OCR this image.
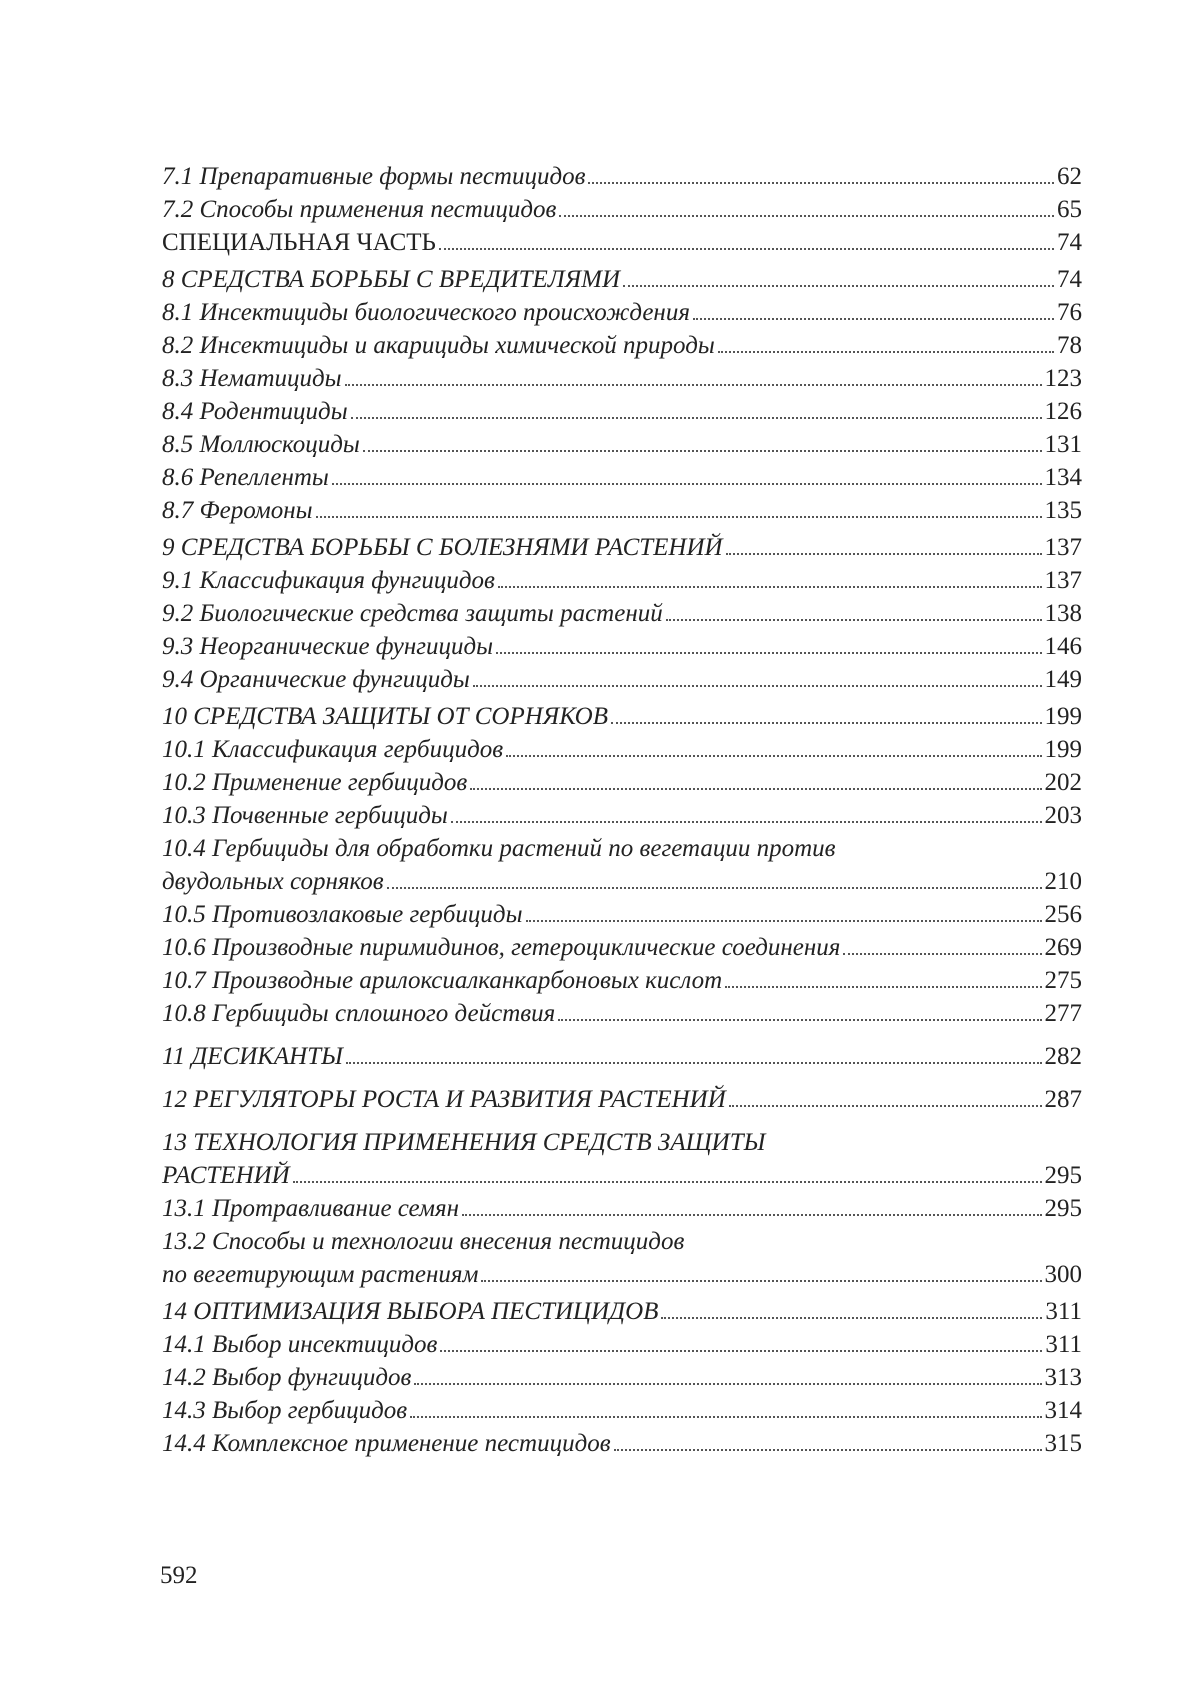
7.1 Препаративные формы пестицидов	62
7.2 Способы применения пестицидов	65
СПЕЦИАЛЬНАЯ ЧАСТЬ	74
8 СРЕДСТВА БОРЬБЫ С ВРЕДИТЕЛЯМИ	74
8.1 Инсектициды биологического происхождения	76
8.2 Инсектициды и акарициды химической природы	78
8.3 Нематициды	123
8.4 Родентициды	126
8.5 Моллюскоциды	131
8.6 Репелленты	134
8.7 Феромоны	135
9 СРЕДСТВА БОРЬБЫ С БОЛЕЗНЯМИ РАСТЕНИЙ	137
9.1 Классификация фунгицидов	137
9.2 Биологические средства защиты растений	138
9.3 Неорганические фунгициды	146
9.4 Органические фунгициды	149
10 СРЕДСТВА ЗАЩИТЫ ОТ СОРНЯКОВ	199
10.1 Классификация гербицидов	199
10.2 Применение гербицидов	202
10.3 Почвенные гербициды	203
10.4 Гербициды для обработки растений по вегетации против
двудольных сорняков	210
10.5 Противозлаковые гербициды	256
10.6 Производные пиримидинов, гетероциклические соединения	269
10.7 Производные арилоксиалканкарбоновых кислот	275
10.8 Гербициды сплошного действия	277
11 ДЕСИКАНТЫ	282
12 РЕГУЛЯТОРЫ РОСТА И РАЗВИТИЯ РАСТЕНИЙ	287
13 ТЕХНОЛОГИЯ ПРИМЕНЕНИЯ СРЕДСТВ ЗАЩИТЫ
РАСТЕНИЙ	295
13.1 Протравливание семян	295
13.2 Способы и технологии внесения пестицидов
по вегетирующим растениям	300
14 ОПТИМИЗАЦИЯ ВЫБОРА ПЕСТИЦИДОВ	311
14.1 Выбор инсектицидов	311
14.2 Выбор фунгицидов	313
14.3 Выбор гербицидов	314
14.4 Комплексное применение пестицидов	315
592
